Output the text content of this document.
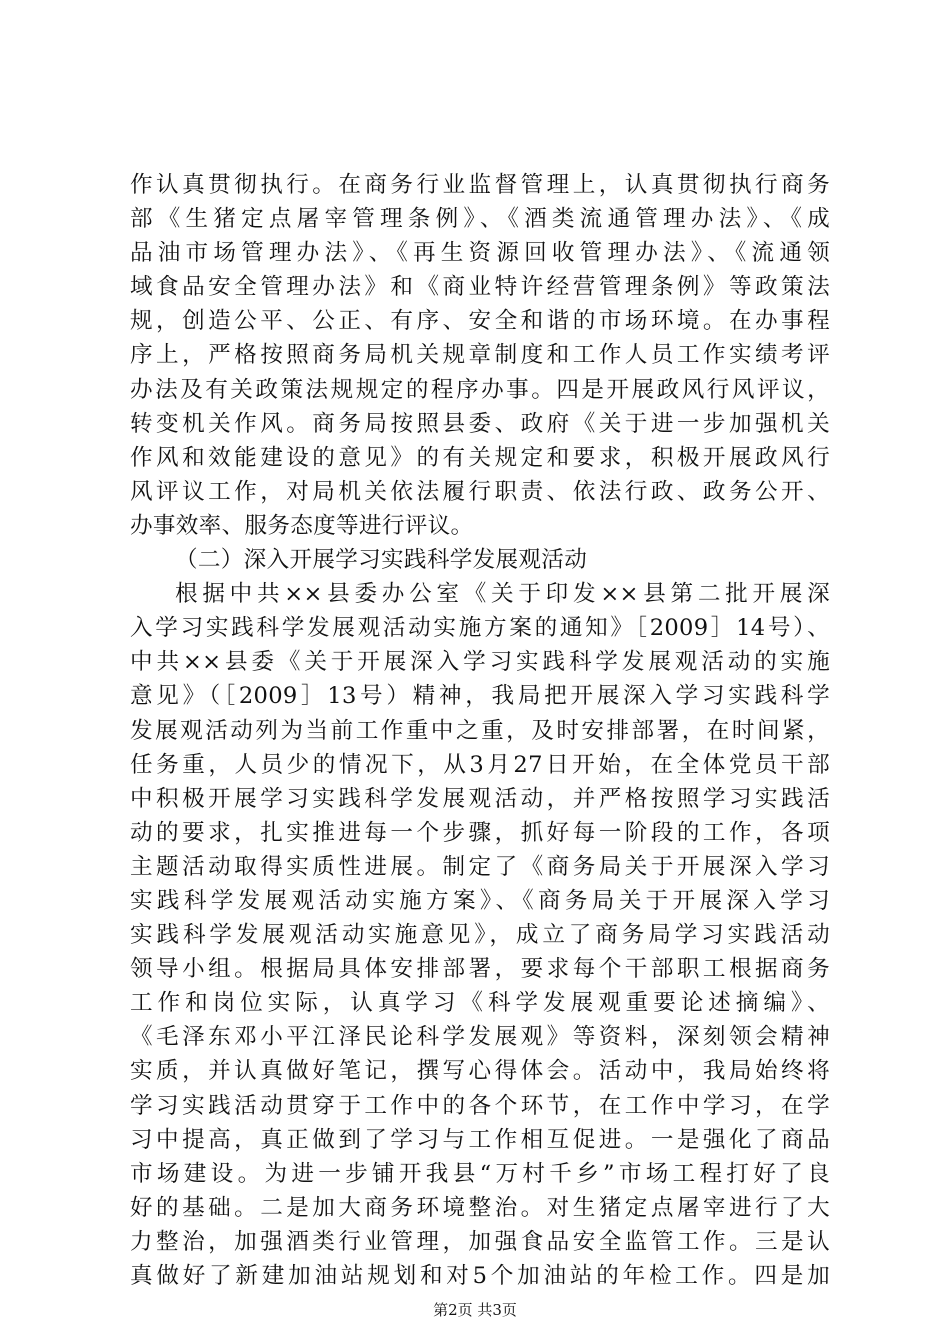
作认真贯彻执行。在商务行业监督管理上，认真贯彻执行商务
部《生猪定点屠宰管理条例》、《酒类流通管理办法》、《成
品油市场管理办法》、《再生资源回收管理办法》、《流通领
域食品安全管理办法》和《商业特许经营管理条例》等政策法
规，创造公平、公正、有序、安全和谐的市场环境。在办事程
序上，严格按照商务局机关规章制度和工作人员工作实绩考评
办法及有关政策法规规定的程序办事。四是开展政风行风评议，
转变机关作风。商务局按照县委、政府《关于进一步加强机关
作风和效能建设的意见》的有关规定和要求，积极开展政风行
风评议工作，对局机关依法履行职责、依法行政、政务公开、
办事效率、服务态度等进行评议。
（二）深入开展学习实践科学发展观活动
根据中共××县委办公室《关于印发××县第二批开展深
入学习实践科学发展观活动实施方案的通知》［2009］14号）、
中共××县委《关于开展深入学习实践科学发展观活动的实施
意见》（［2009］13号）精神，我局把开展深入学习实践科学
发展观活动列为当前工作重中之重，及时安排部署，在时间紧，
任务重，人员少的情况下，从3月27日开始，在全体党员干部
中积极开展学习实践科学发展观活动，并严格按照学习实践活
动的要求，扎实推进每一个步骤，抓好每一阶段的工作，各项
主题活动取得实质性进展。制定了《商务局关于开展深入学习
实践科学发展观活动实施方案》、《商务局关于开展深入学习
实践科学发展观活动实施意见》，成立了商务局学习实践活动
领导小组。根据局具体安排部署，要求每个干部职工根据商务
工作和岗位实际，认真学习《科学发展观重要论述摘编》、
《毛泽东邓小平江泽民论科学发展观》等资料，深刻领会精神
实质，并认真做好笔记，撰写心得体会。活动中，我局始终将
学习实践活动贯穿于工作中的各个环节，在工作中学习，在学
习中提高，真正做到了学习与工作相互促进。一是强化了商品
市场建设。为进一步铺开我县“万村千乡”市场工程打好了良
好的基础。二是加大商务环境整治。对生猪定点屠宰进行了大
力整治，加强酒类行业管理，加强食品安全监管工作。三是认
真做好了新建加油站规划和对5个加油站的年检工作。四是加
第2页 共3页
